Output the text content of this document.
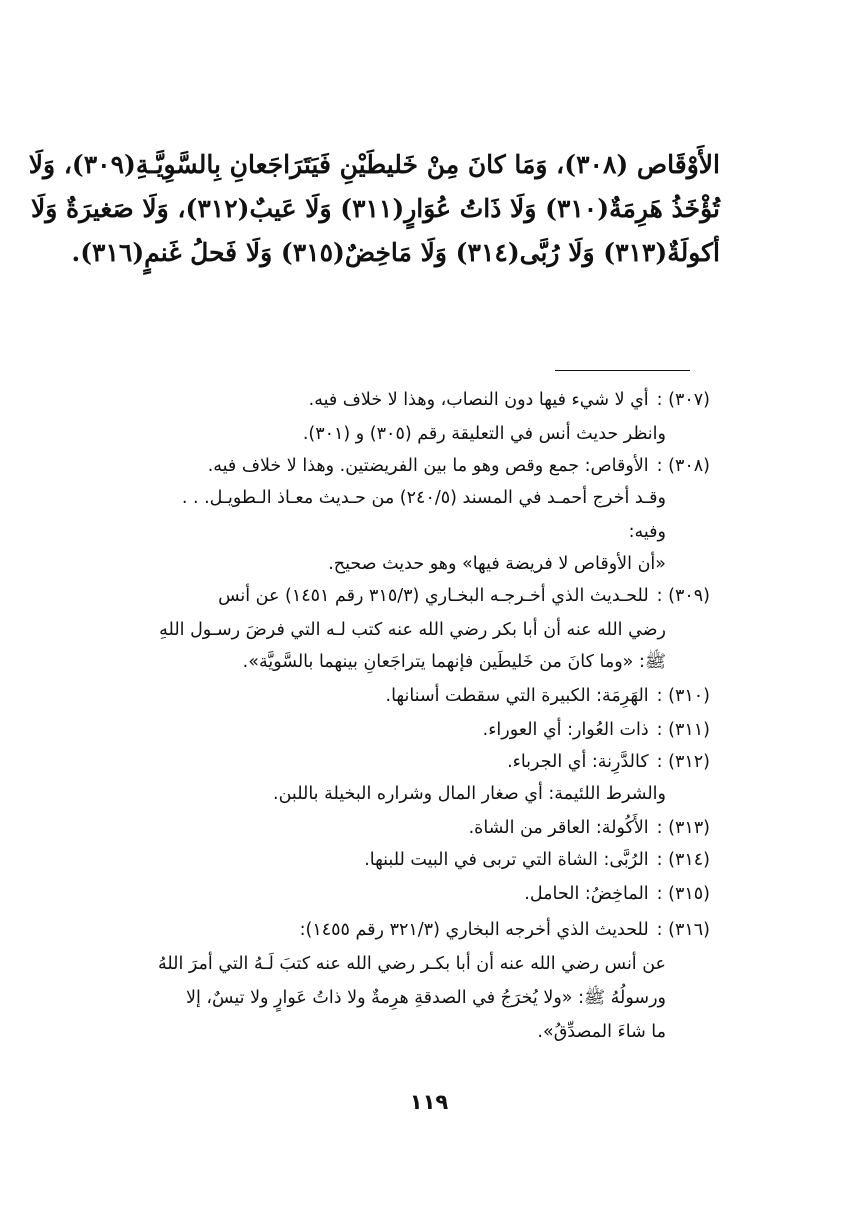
الأَوْقَاص (٣٠٨)، وَمَا كانَ مِنْ خَليطَيْنِ فَيَتَرَاجَعانِ بِالسَّوِيَّـةِ(٣٠٩)، وَلَا
تُؤْخَذُ هَرِمَةٌ(٣١٠) وَلَا ذَاتُ عُوَارٍ(٣١١) وَلَا عَيبٌ(٣١٢)، وَلَا صَغيرَةٌ وَلَا
أكولَةٌ(٣١٣) وَلَا رُبَّى(٣١٤) وَلَا مَاخِضٌ(٣١٥) وَلَا فَحلُ غَنمٍ(٣١٦).
(٣٠٧) :أي لا شيء فيها دون النصاب، وهذا لا خلاف فيه.
وانظر حديث أنس في التعليقة رقم (٣٠٥) و (٣٠١).
(٣٠٨) :الأوقاص: جمع وقص وهو ما بين الفريضتين. وهذا لا خلاف فيه.
وقـد أخرج أحمـد في المسند (٢٤٠/٥) من حـديث معـاذ الـطويـل. . .
وفيه:
«أن الأوقاص لا فريضة فيها» وهو حديث صحيح.
(٣٠٩) :للحـديث الذي أخـرجـه البخـاري (٣١٥/٣ رقم ١٤٥١) عن أنس
رضي الله عنه أن أبا بكر رضي الله عنه كتب لـه التي فرضَ رسـول اللهِ
ﷺ: «وما كانَ من خَليطَين فإنهما يتراجَعانِ بينهما بالسَّويَّة».
(٣١٠) :الهَرِمَة: الكبيرة التي سقطت أسنانها.
(٣١١) :ذات العُوار: أي العوراء.
(٣١٢) :كالدَّرِنة: أي الجرباء.
والشرط اللئيمة: أي صغار المال وشراره البخيلة باللبن.
(٣١٣) :الأَكُولة: العاقر من الشاة.
(٣١٤) :الرُبَّى: الشاة التي تربى في البيت للبنها.
(٣١٥) :الماخِضُ: الحامل.
(٣١٦) :للحديث الذي أخرجه البخاري (٣٢١/٣ رقم ١٤٥٥):
عن أنس رضي الله عنه أن أبا بكـر رضي الله عنه كتبَ لَـهُ التي أمرَ اللهُ
ورسولُهُ ﷺ: «ولا يُخرَجُ في الصدقةِ هرِمةٌ ولا ذاتُ عَوارٍ ولا تيسٌ، إلا
ما شاءَ المصدِّقُ».
١١٩
